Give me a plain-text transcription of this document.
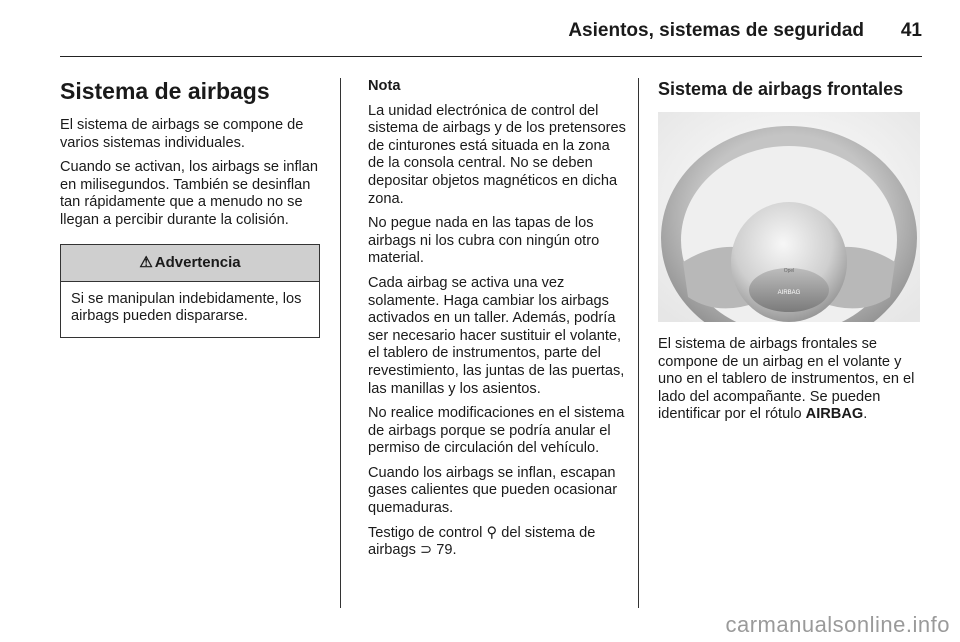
Asientos, sistemas de seguridad 41
Sistema de airbags

El sistema de airbags se compone de varios sistemas individuales.

Cuando se activan, los airbags se inflan en milisegundos. También se desinflan tan rápidamente que a menudo no se llegan a percibir durante la colisión.

⚠ Advertencia
Si se manipulan indebidamente, los airbags pueden dispararse.

Nota

La unidad electrónica de control del sistema de airbags y de los pretensores de cinturones está situada en la zona de la consola central. No se deben depositar objetos magnéticos en dicha zona.

No pegue nada en las tapas de los airbags ni los cubra con ningún otro material.

Cada airbag se activa una vez solamente. Haga cambiar los airbags activados en un taller. Además, podría ser necesario hacer sustituir el volante, el tablero de instrumentos, parte del revestimiento, las juntas de las puertas, las manillas y los asientos.

No realice modificaciones en el sistema de airbags porque se podría anular el permiso de circulación del vehículo.

Cuando los airbags se inflan, escapan gases calientes que pueden ocasionar quemaduras.

Testigo de control ⚲ del sistema de airbags ⊃ 79.

Sistema de airbags frontales
Opel
AIRBAG

El sistema de airbags frontales se compone de un airbag en el volante y uno en el tablero de instrumentos, en el lado del acompañante. Se pueden identificar por el rótulo AIRBAG.

carmanualsonline.info
